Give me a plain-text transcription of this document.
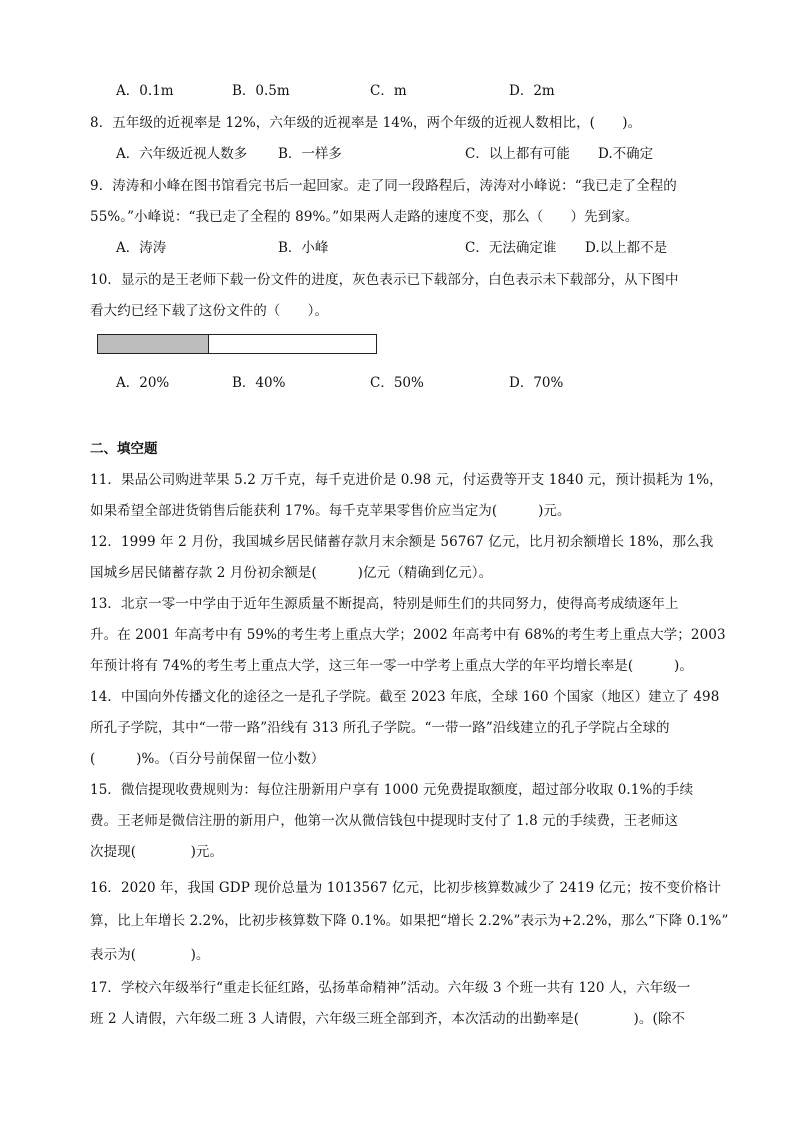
A．0.1m	B．0.5m	C．m	D．2m
8．五年级的近视率是 12%，六年级的近视率是 14%，两个年级的近视人数相比，(　　)。
A．六年级近视人数多 B．一样多	C．以上都有可能 D.不确定
9．涛涛和小峰在图书馆看完书后一起回家。走了同一段路程后，涛涛对小峰说：“我已走了全程的
55%。”小峰说：“我已走了全程的 89%。”如果两人走路的速度不变，那么（　　）先到家。
A．涛涛	B．小峰	C．无法确定谁 D.以上都不是
10．显示的是王老师下载一份文件的进度，灰色表示已下载部分，白色表示未下载部分，从下图中
看大约已经下载了这份文件的（　　）。
A．20%	B．40%	C．50%	D．70%
二、填空题
11．果品公司购进苹果 5.2 万千克，每千克进价是 0.98 元，付运费等开支 1840 元，预计损耗为 1%，
如果希望全部进货销售后能获利 17%。每千克苹果零售价应当定为(　　　)元。
12．1999 年 2 月份，我国城乡居民储蓄存款月末余额是 56767 亿元，比月初余额增长 18%，那么我
国城乡居民储蓄存款 2 月份初余额是(　　　)亿元（精确到亿元）。
13．北京一零一中学由于近年生源质量不断提高，特别是师生们的共同努力，使得高考成绩逐年上
升。在 2001 年高考中有 59%的考生考上重点大学；2002 年高考中有 68%的考生考上重点大学；2003
年预计将有 74%的考生考上重点大学，这三年一零一中学考上重点大学的年平均增长率是(　　　)。
14．中国向外传播文化的途径之一是孔子学院。截至 2023 年底，全球 160 个国家（地区）建立了 498
所孔子学院，其中“一带一路”沿线有 313 所孔子学院。“一带一路”沿线建立的孔子学院占全球的
(　　　)%。（百分号前保留一位小数）
15．微信提现收费规则为：每位注册新用户享有 1000 元免费提取额度，超过部分收取 0.1%的手续
费。王老师是微信注册的新用户，他第一次从微信钱包中提现时支付了 1.8 元的手续费，王老师这
次提现(　　　　)元。
16．2020 年，我国 GDP 现价总量为 1013567 亿元，比初步核算数减少了 2419 亿元；按不变价格计
算，比上年增长 2.2%，比初步核算数下降 0.1%。如果把“增长 2.2%”表示为+2.2%，那么“下降 0.1%”
表示为(　　　　)。
17．学校六年级举行“重走长征红路，弘扬革命精神”活动。六年级 3 个班一共有 120 人，六年级一
班 2 人请假，六年级二班 3 人请假，六年级三班全部到齐，本次活动的出勤率是(　　　　)。(除不
